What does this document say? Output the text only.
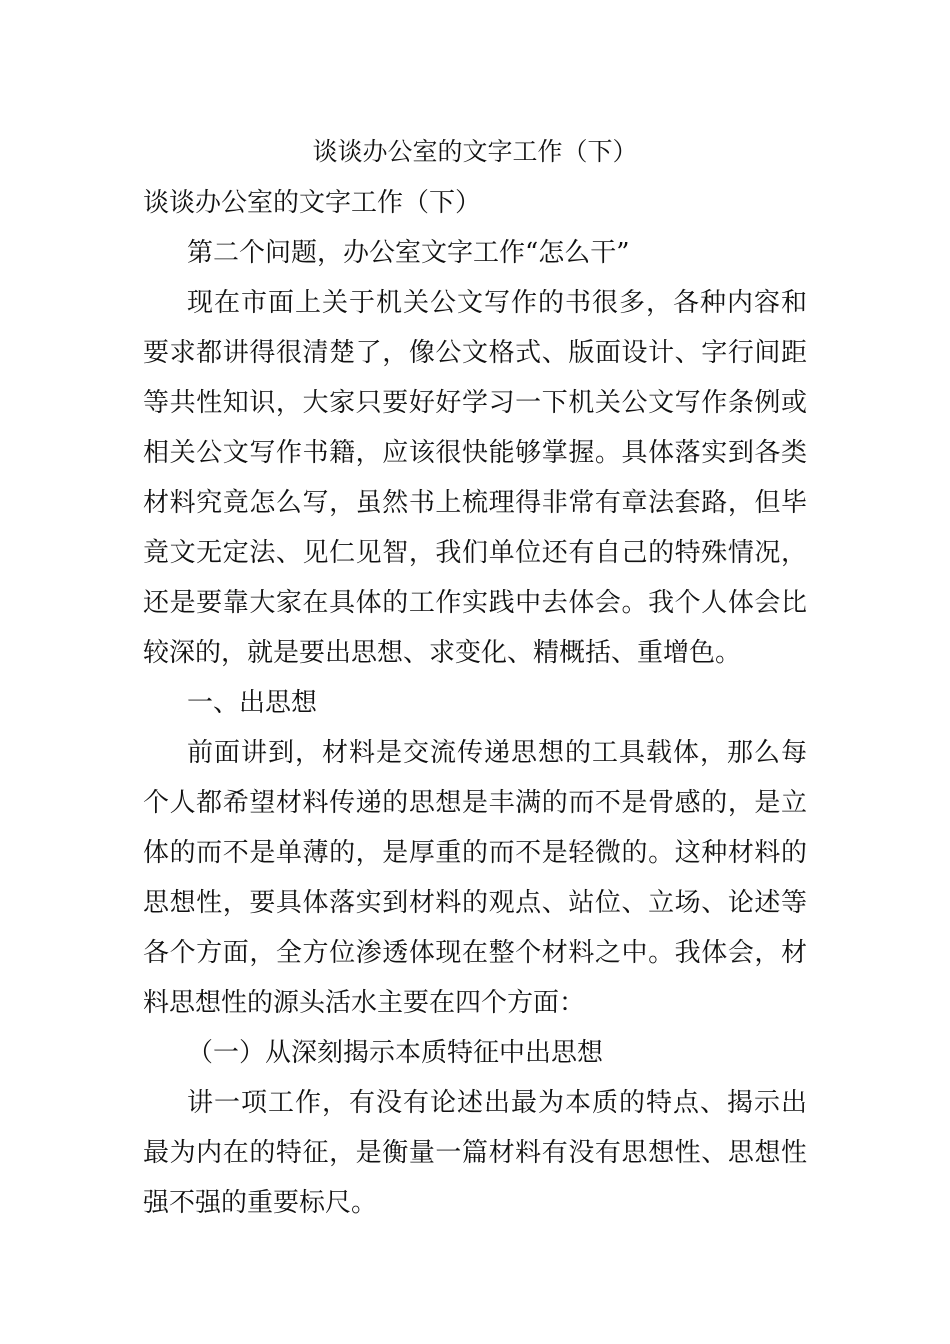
谈谈办公室的文字工作（下）

谈谈办公室的文字工作（下）

第二个问题，办公室文字工作“怎么干”

现在市面上关于机关公文写作的书很多，各种内容和要求都讲得很清楚了，像公文格式、版面设计、字行间距等共性知识，大家只要好好学习一下机关公文写作条例或相关公文写作书籍，应该很快能够掌握。具体落实到各类材料究竟怎么写，虽然书上梳理得非常有章法套路，但毕竟文无定法、见仁见智，我们单位还有自己的特殊情况，还是要靠大家在具体的工作实践中去体会。我个人体会比较深的，就是要出思想、求变化、精概括、重增色。

一、出思想

前面讲到，材料是交流传递思想的工具载体，那么每个人都希望材料传递的思想是丰满的而不是骨感的，是立体的而不是单薄的，是厚重的而不是轻微的。这种材料的思想性，要具体落实到材料的观点、站位、立场、论述等各个方面，全方位渗透体现在整个材料之中。我体会，材料思想性的源头活水主要在四个方面：

（一）从深刻揭示本质特征中出思想

讲一项工作，有没有论述出最为本质的特点、揭示出最为内在的特征，是衡量一篇材料有没有思想性、思想性强不强的重要标尺。
